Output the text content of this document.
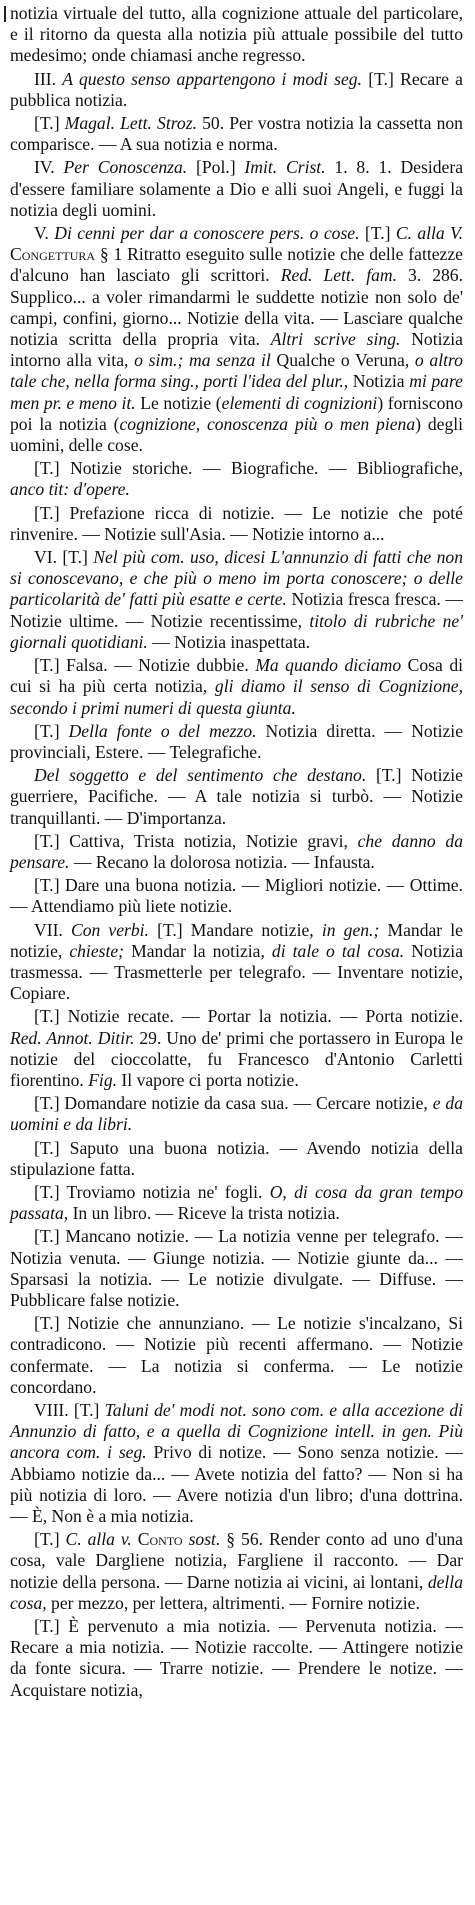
notizia virtuale del tutto, alla cognizione attuale del particolare, e il ritorno da questa alla notizia più attuale possibile del tutto medesimo; onde chiamasi anche regresso.

III. A questo senso appartengono i modi seg. [T.] Recare a pubblica notizia.

[T.] Magal. Lett. Stroz. 50. Per vostra notizia la cassetta non comparisce. — A sua notizia e norma.

IV. Per Conoscenza. [Pol.] Imit. Crist. 1. 8. 1. Desidera d'essere familiare solamente a Dio e alli suoi Angeli, e fuggi la notizia degli uomini.

V. Di cenni per dar a conoscere pers. o cose. [T.] C. alla V. Congettura § 1 Ritratto eseguito sulle notizie che delle fattezze d'alcuno han lasciato gli scrittori. Red. Lett. fam. 3. 286. Supplico... a voler rimandarmi le suddette notizie non solo de' campi, confini, giorno... Notizie della vita. — Lasciare qualche notizia scritta della propria vita. Altri scrive sing. Notizia intorno alla vita, o sim.; ma senza il Qualche o Veruna, o altro tale che, nella forma sing., porti l'idea del plur., Notizia mi pare men pr. e meno it. Le notizie (elementi di cognizioni) forniscono poi la notizia (cognizione, conoscenza più o men piena) degli uomini, delle cose.

[T.] Notizie storiche. — Biografiche. — Bibliografiche, anco tit: d'opere.

[T.] Prefazione ricca di notizie. — Le notizie che poté rinvenire. — Notizie sull'Asia. — Notizie intorno a...

VI. [T.] Nel più com. uso, dicesi L'annunzio di fatti che non si conoscevano, e che più o meno im porta conoscere; o delle particolarità de' fatti più esatte e certe. Notizia fresca fresca. — Notizie ultime. — Notizie recentissime, titolo di rubriche ne' giornali quotidiani. — Notizia inaspettata.

[T.] Falsa. — Notizie dubbie. Ma quando diciamo Cosa di cui si ha più certa notizia, gli diamo il senso di Cognizione, secondo i primi numeri di questa giunta.

[T.] Della fonte o del mezzo. Notizia diretta. — Notizie provinciali, Estere. — Telegrafiche.

Del soggetto e del sentimento che destano. [T.] Notizie guerriere, Pacifiche. — A tale notizia si turbò. — Notizie tranquillanti. — D'importanza.

[T.] Cattiva, Trista notizia, Notizie gravi, che danno da pensare. — Recano la dolorosa notizia. — Infausta.

[T.] Dare una buona notizia. — Migliori notizie. — Ottime. — Attendiamo più liete notizie.

VII. Con verbi. [T.] Mandare notizie, in gen.; Mandar le notizie, chieste; Mandar la notizia, di tale o tal cosa. Notizia trasmessa. — Trasmetterle per telegrafo. — Inventare notizie, Copiare.

[T.] Notizie recate. — Portar la notizia. — Porta notizie. Red. Annot. Ditir. 29. Uno de' primi che portassero in Europa le notizie del cioccolatte, fu Francesco d'Antonio Carletti fiorentino. Fig. Il vapore ci porta notizie.

[T.] Domandare notizie da casa sua. — Cercare notizie, e da uomini e da libri.

[T.] Saputo una buona notizia. — Avendo notizia della stipulazione fatta.

[T.] Troviamo notizia ne' fogli. O, di cosa da gran tempo passata, In un libro. — Riceve la trista notizia.

[T.] Mancano notizie. — La notizia venne per telegrafo. — Notizia venuta. — Giunge notizia. — Notizie giunte da... — Sparsasi la notizia. — Le notizie divulgate. — Diffuse. — Pubblicare false notizie.

[T.] Notizie che annunziano. — Le notizie s'incalzano, Si contradicono. — Notizie più recenti affermano. — Notizie confermate. — La notizia si conferma. — Le notizie concordano.

VIII. [T.] Taluni de' modi not. sono com. e alla accezione di Annunzio di fatto, e a quella di Cognizione intell. in gen. Più ancora com. i seg. Privo di notize. — Sono senza notizie. — Abbiamo notizie da... — Avete notizia del fatto? — Non si ha più notizia di loro. — Avere notizia d'un libro; d'una dottrina. — È, Non è a mia notizia.

[T.] C. alla v. Conto sost. § 56. Render conto ad uno d'una cosa, vale Dargliene notizia, Fargliene il racconto. — Dar notizie della persona. — Darne notizia ai vicini, ai lontani, della cosa, per mezzo, per lettera, altrimenti. — Fornire notizie.

[T.] È pervenuto a mia notizia. — Pervenuta notizia. — Recare a mia notizia. — Notizie raccolte. — Attingere notizie da fonte sicura. — Trarre notizie. — Prendere le notize. — Acquistare notizia,
